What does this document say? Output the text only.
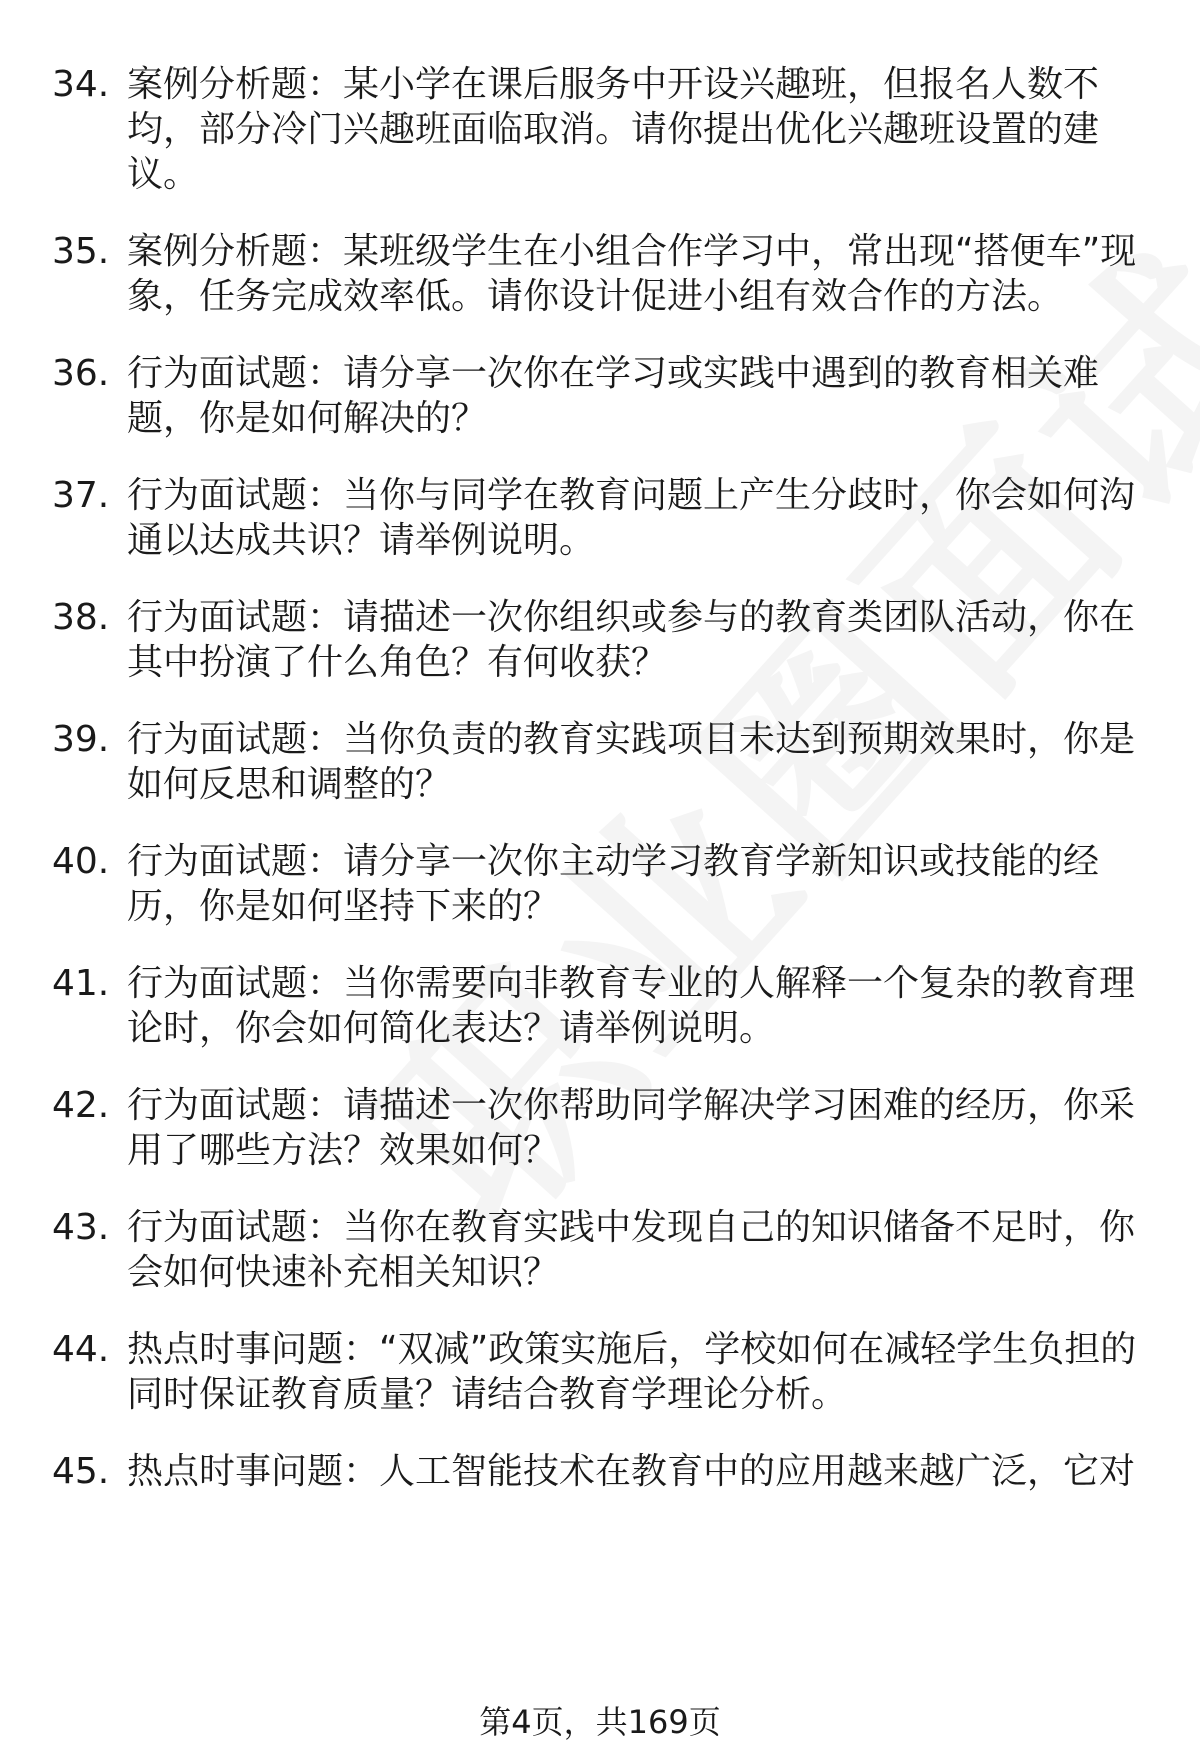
34. 案例分析题：某小学在课后服务中开设兴趣班，但报名人数不均，部分冷门兴趣班面临取消。请你提出优化兴趣班设置的建议。
35. 案例分析题：某班级学生在小组合作学习中，常出现“搭便车”现象，任务完成效率低。请你设计促进小组有效合作的方法。
36. 行为面试题：请分享一次你在学习或实践中遇到的教育相关难题，你是如何解决的？
37. 行为面试题：当你与同学在教育问题上产生分歧时，你会如何沟通以达成共识？请举例说明。
38. 行为面试题：请描述一次你组织或参与的教育类团队活动，你在其中扮演了什么角色？有何收获？
39. 行为面试题：当你负责的教育实践项目未达到预期效果时，你是如何反思和调整的？
40. 行为面试题：请分享一次你主动学习教育学新知识或技能的经历，你是如何坚持下来的？
41. 行为面试题：当你需要向非教育专业的人解释一个复杂的教育理论时，你会如何简化表达？请举例说明。
42. 行为面试题：请描述一次你帮助同学解决学习困难的经历，你采用了哪些方法？效果如何？
43. 行为面试题：当你在教育实践中发现自己的知识储备不足时，你会如何快速补充相关知识？
44. 热点时事问题：“双减”政策实施后，学校如何在减轻学生负担的同时保证教育质量？请结合教育学理论分析。
45. 热点时事问题：人工智能技术在教育中的应用越来越广泛，它对
第4页，共169页
